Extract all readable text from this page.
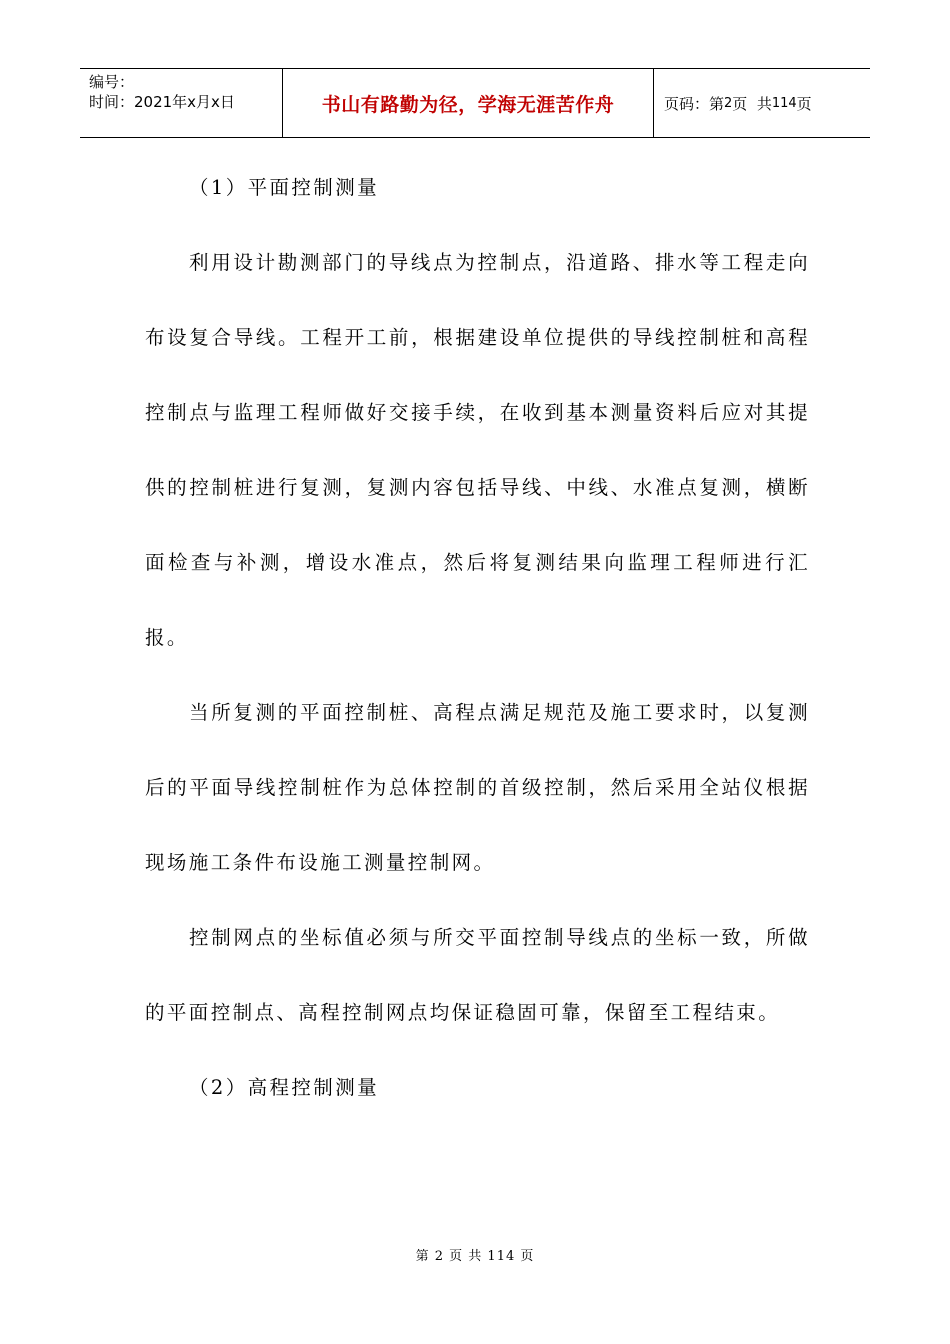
编号：
时间：2021年x月x日	书山有路勤为径，学海无涯苦作舟	页码：第 2 页  共 114 页

（1）平面控制测量

利用设计勘测部门的导线点为控制点，沿道路、排水等工程走向布设复合导线。工程开工前，根据建设单位提供的导线控制桩和高程控制点与监理工程师做好交接手续，在收到基本测量资料后应对其提供的控制桩进行复测，复测内容包括导线、中线、水准点复测，横断面检查与补测，增设水准点，然后将复测结果向监理工程师进行汇报。

当所复测的平面控制桩、高程点满足规范及施工要求时，以复测后的平面导线控制桩作为总体控制的首级控制，然后采用全站仪根据现场施工条件布设施工测量控制网。

控制网点的坐标值必须与所交平面控制导线点的坐标一致，所做的平面控制点、高程控制网点均保证稳固可靠，保留至工程结束。

（2）高程控制测量

第 2 页 共 114 页
